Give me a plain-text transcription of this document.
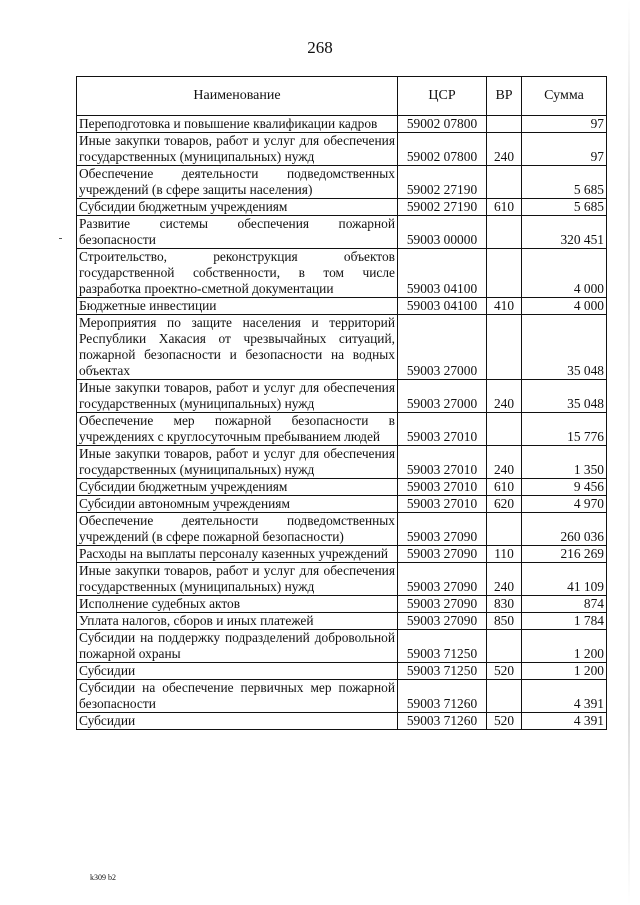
268
Наименование	ЦСР	ВР	Сумма
Переподготовка и повышение квалификации кадров	59002 07800		97
Иные закупки товаров, работ и услуг для обеспечения государственных (муниципальных) нужд	59002 07800	240	97
Обеспечение деятельности подведомственных учреждений (в сфере защиты населения)	59002 27190		5 685
Субсидии бюджетным учреждениям	59002 27190	610	5 685
Развитие системы обеспечения пожарной безопасности	59003 00000		320 451
Строительство, реконструкция объектов государственной собственности, в том числе разработка проектно-сметной документации	59003 04100		4 000
Бюджетные инвестиции	59003 04100	410	4 000
Мероприятия по защите населения и территорий Республики Хакасия от чрезвычайных ситуаций, пожарной безопасности и безопасности на водных объектах	59003 27000		35 048
Иные закупки товаров, работ и услуг для обеспечения государственных (муниципальных) нужд	59003 27000	240	35 048
Обеспечение мер пожарной безопасности в учреждениях с круглосуточным пребыванием людей	59003 27010		15 776
Иные закупки товаров, работ и услуг для обеспечения государственных (муниципальных) нужд	59003 27010	240	1 350
Субсидии бюджетным учреждениям	59003 27010	610	9 456
Субсидии автономным учреждениям	59003 27010	620	4 970
Обеспечение деятельности подведомственных учреждений (в сфере пожарной безопасности)	59003 27090		260 036
Расходы на выплаты персоналу казенных учреждений	59003 27090	110	216 269
Иные закупки товаров, работ и услуг для обеспечения государственных (муниципальных) нужд	59003 27090	240	41 109
Исполнение судебных актов	59003 27090	830	874
Уплата налогов, сборов и иных платежей	59003 27090	850	1 784
Субсидии на поддержку подразделений добровольной пожарной охраны	59003 71250		1 200
Субсидии	59003 71250	520	1 200
Субсидии на обеспечение первичных мер пожарной безопасности	59003 71260		4 391
Субсидии	59003 71260	520	4 391
k309 b2
